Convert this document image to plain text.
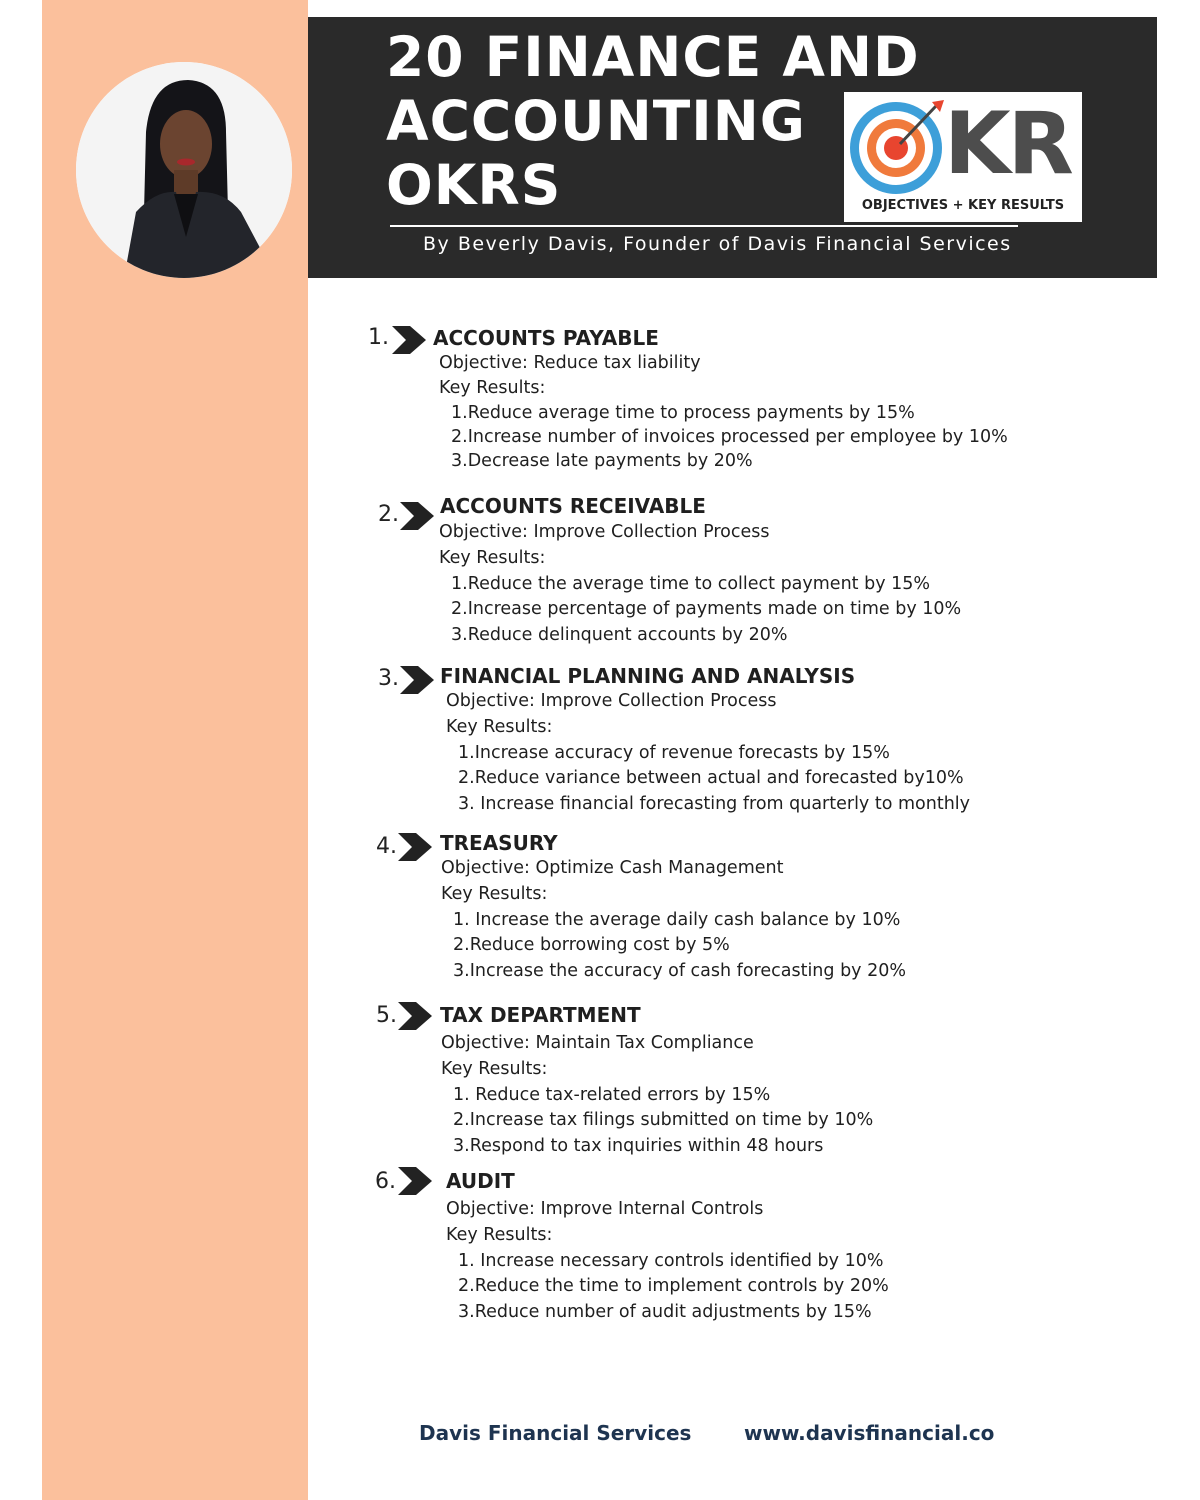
20 FINANCE AND
ACCOUNTING
OKRS	KR
OBJECTIVES + KEY RESULTS
By Beverly Davis, Founder of Davis Financial Services
1. ACCOUNTS PAYABLE
Objective: Reduce tax liability
Key Results:
1.Reduce average time to process payments by 15%
2.Increase number of invoices processed per employee by 10%
3.Decrease late payments by 20%
2. ACCOUNTS RECEIVABLE
Objective: Improve Collection Process
Key Results:
1.Reduce the average time to collect payment by 15%
2.Increase percentage of payments made on time by 10%
3.Reduce delinquent accounts by 20%
3. FINANCIAL PLANNING AND ANALYSIS
Objective: Improve Collection Process
Key Results:
1.Increase accuracy of revenue forecasts by 15%
2.Reduce variance between actual and forecasted by10%
3. Increase financial forecasting from quarterly to monthly
4. TREASURY
Objective: Optimize Cash Management
Key Results:
1. Increase the average daily cash balance by 10%
2.Reduce borrowing cost by 5%
3.Increase the accuracy of cash forecasting by 20%
5. TAX DEPARTMENT
Objective: Maintain Tax Compliance
Key Results:
1. Reduce tax-related errors by 15%
2.Increase tax filings submitted on time by 10%
3.Respond to tax inquiries within 48 hours
6.	AUDIT
Objective: Improve Internal Controls
Key Results:
1. Increase necessary controls identified by 10%
2.Reduce the time to implement controls by 20%
3.Reduce number of audit adjustments by 15%
Davis Financial Services	www.davisfinancial.co
